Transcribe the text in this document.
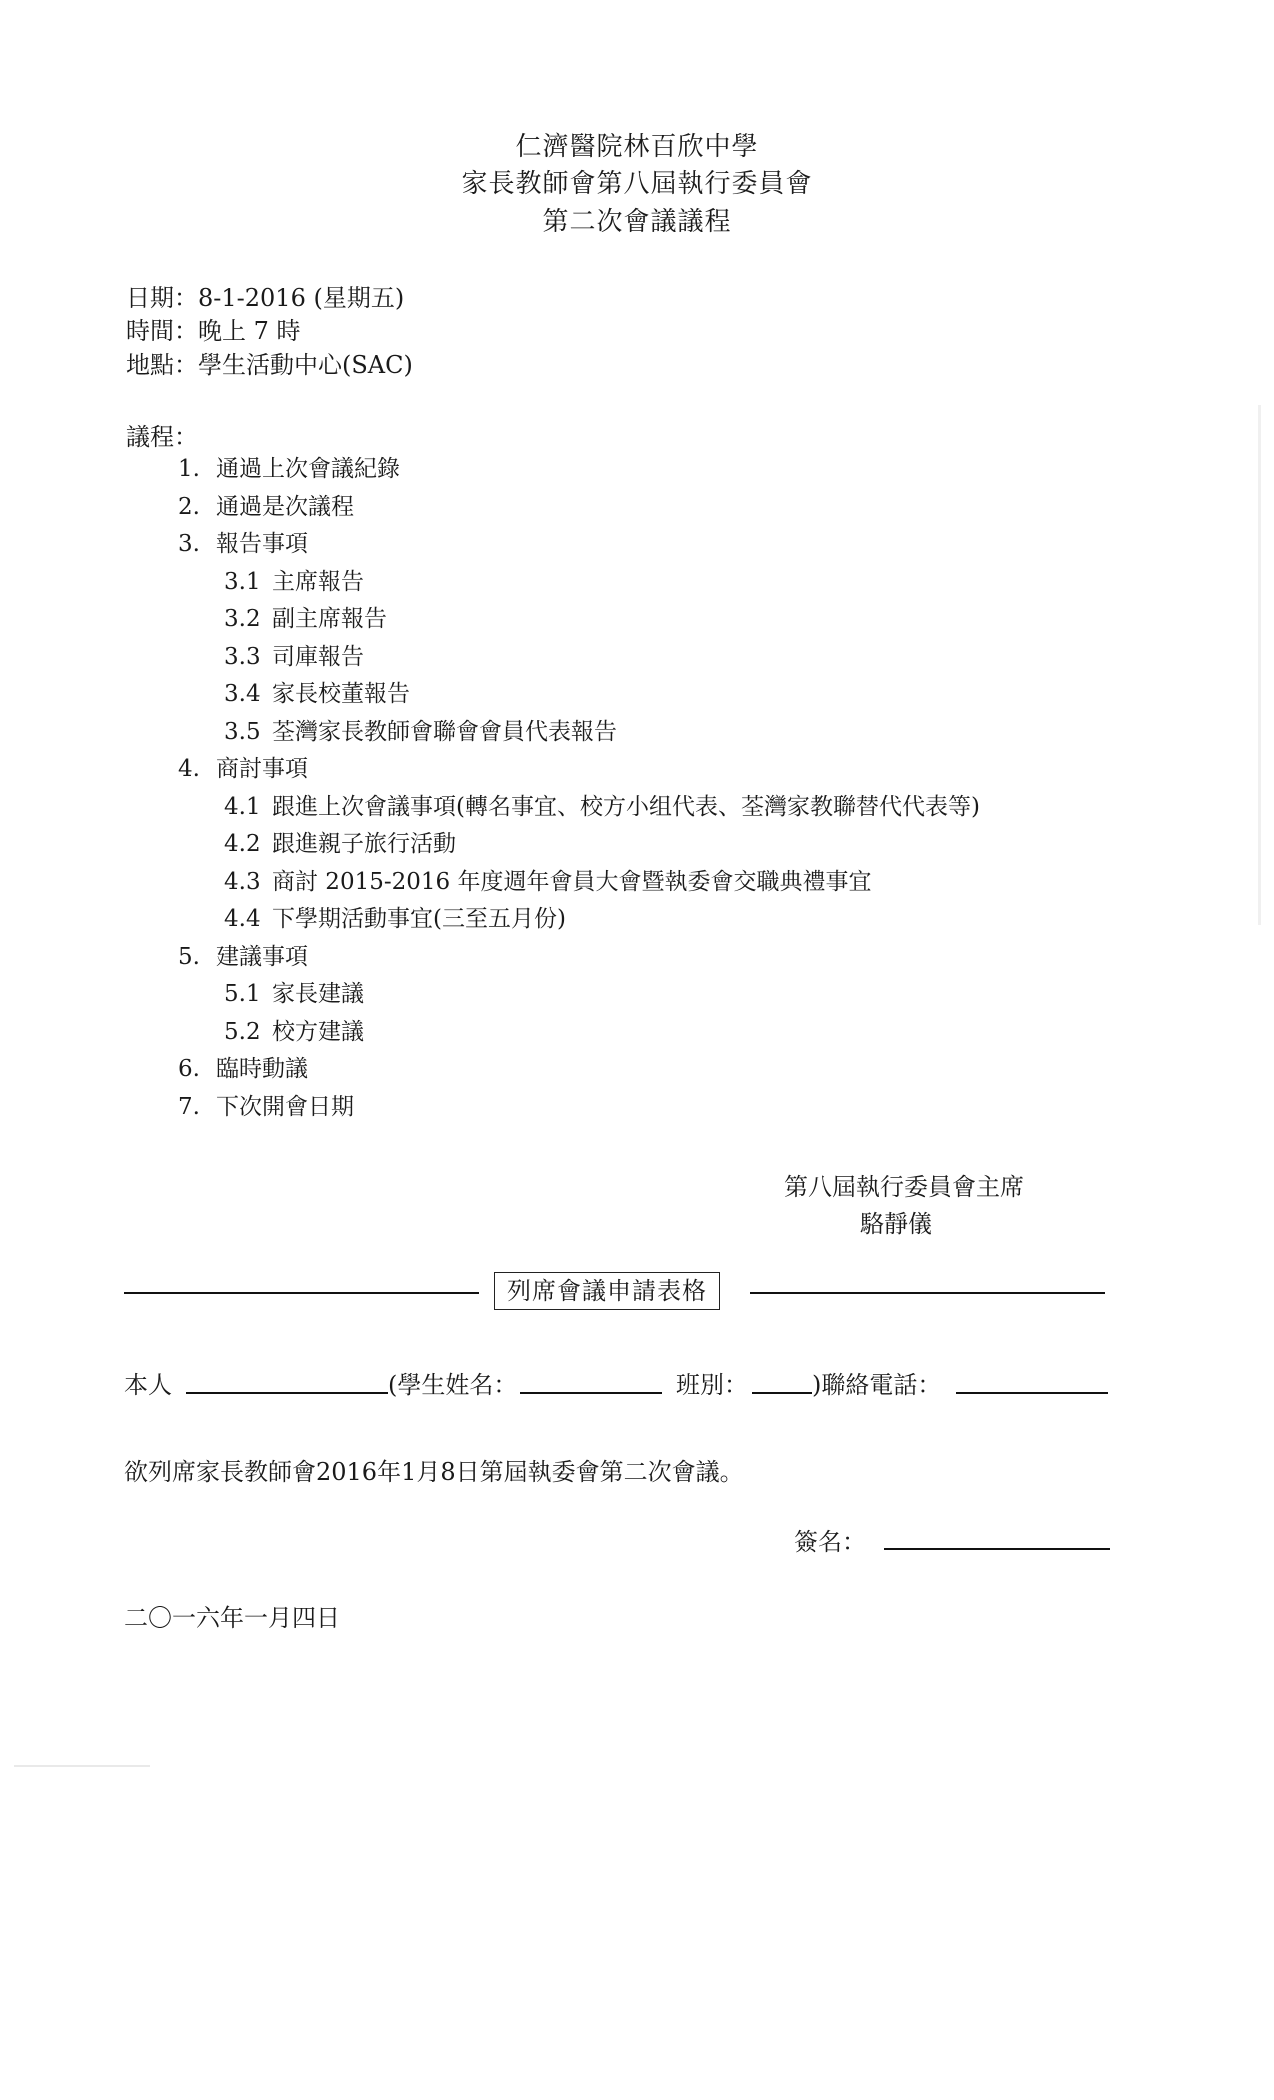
仁濟醫院林百欣中學
家長教師會第八屆執行委員會
第二次會議議程
日期：8-1-2016 (星期五)
時間：晚上 7 時
地點：學生活動中心(SAC)
議程：
1. 通過上次會議紀錄
2. 通過是次議程
3. 報告事項
3.1 主席報告
3.2 副主席報告
3.3 司庫報告
3.4 家長校董報告
3.5 荃灣家長教師會聯會會員代表報告
4. 商討事項
4.1 跟進上次會議事項(轉名事宜、校方小组代表、荃灣家教聯替代代表等)
4.2 跟進親子旅行活動
4.3 商討 2015-2016 年度週年會員大會暨執委會交職典禮事宜
4.4 下學期活動事宜(三至五月份)
5. 建議事項
5.1 家長建議
5.2 校方建議
6. 臨時動議
7. 下次開會日期
第八屆執行委員會主席
駱靜儀
列席會議申請表格
本人	(學生姓名：	班別：	)聯絡電話：
欲列席家長教師會2016年1月8日第屆執委會第二次會議。
簽名：
二〇一六年一月四日
